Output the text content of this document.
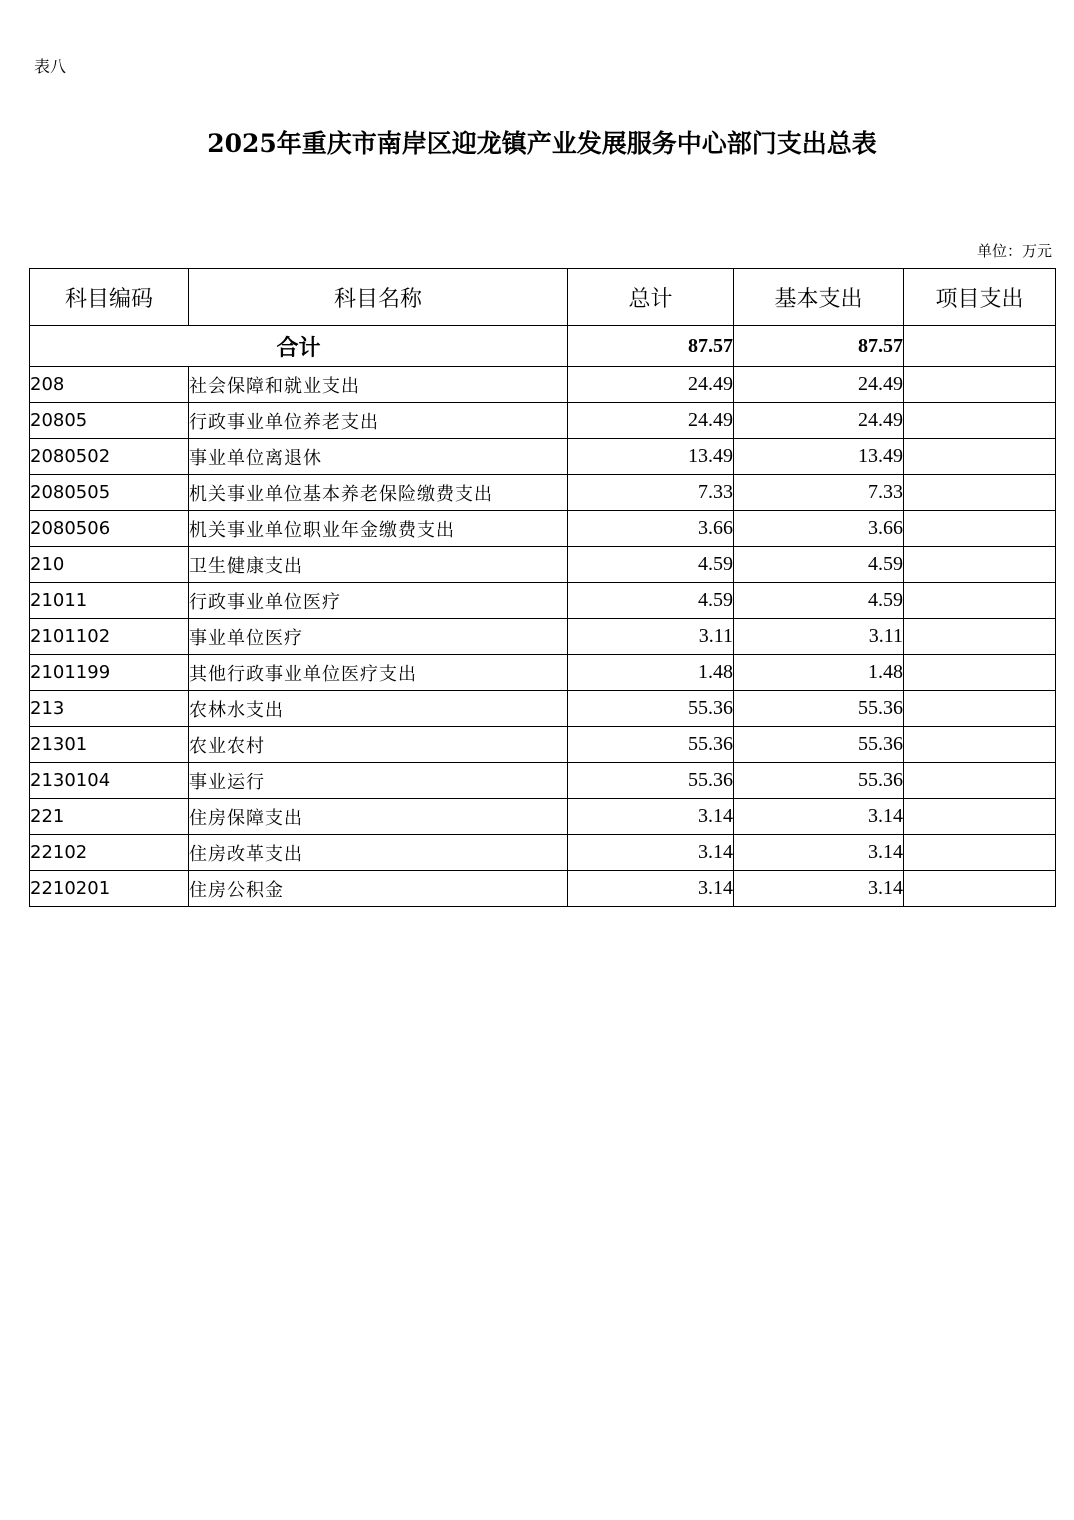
表八
2025年重庆市南岸区迎龙镇产业发展服务中心部门支出总表
单位：万元
科目编码	科目名称	总计	基本支出	项目支出
合计		87.57	87.57	
208	社会保障和就业支出	24.49	24.49	
20805	行政事业单位养老支出	24.49	24.49	
2080502	事业单位离退休	13.49	13.49	
2080505	机关事业单位基本养老保险缴费支出	7.33	7.33	
2080506	机关事业单位职业年金缴费支出	3.66	3.66	
210	卫生健康支出	4.59	4.59	
21011	行政事业单位医疗	4.59	4.59	
2101102	事业单位医疗	3.11	3.11	
2101199	其他行政事业单位医疗支出	1.48	1.48	
213	农林水支出	55.36	55.36	
21301	农业农村	55.36	55.36	
2130104	事业运行	55.36	55.36	
221	住房保障支出	3.14	3.14	
22102	住房改革支出	3.14	3.14	
2210201	住房公积金	3.14	3.14	
